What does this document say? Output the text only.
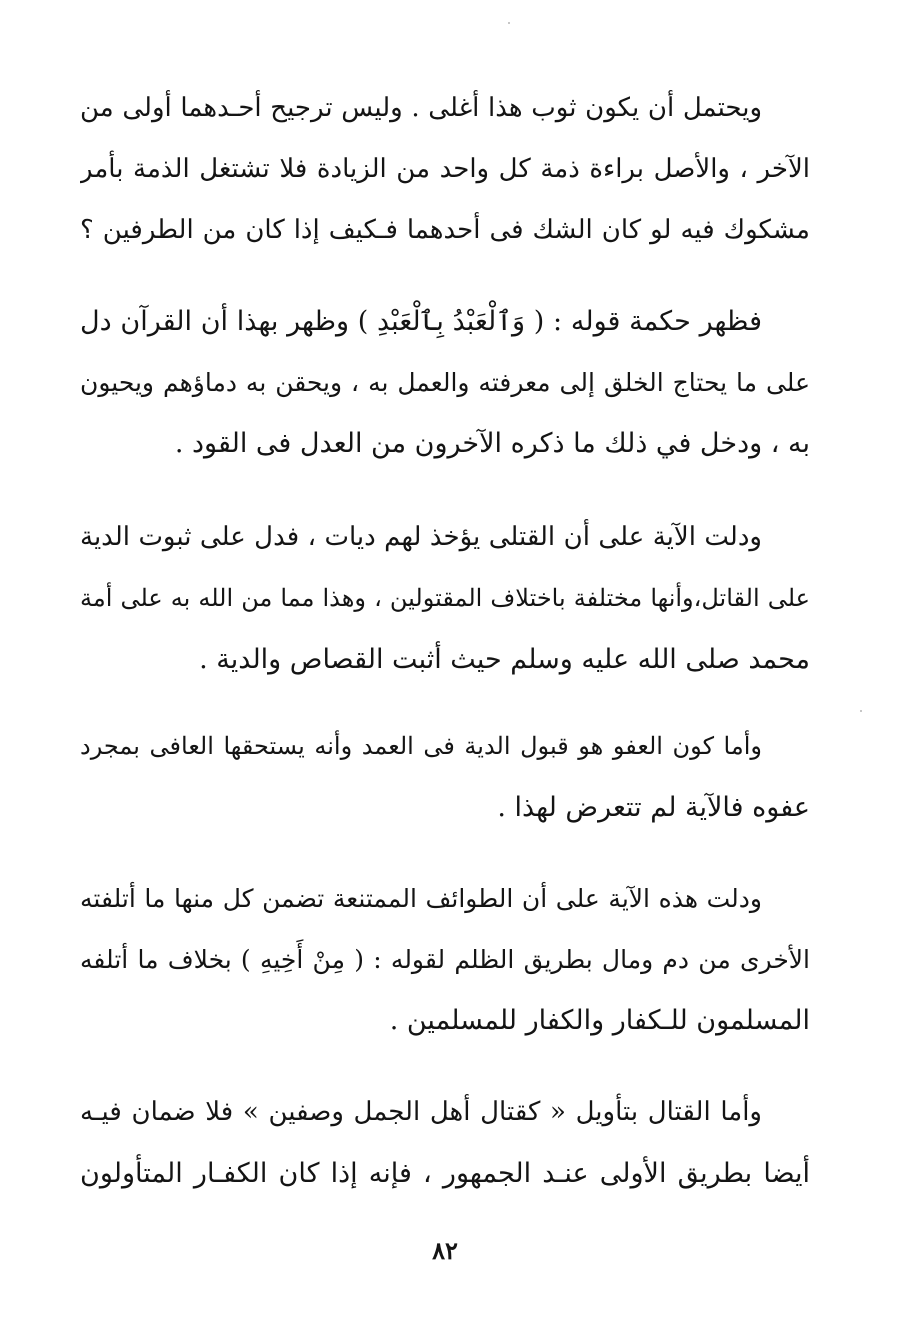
ويحتمل أن يكون ثوب هذا أغلى . وليس ترجيح أحـدهما أولى من
الآخر ، والأصل براءة ذمة كل واحد من الزيادة فلا تشتغل الذمة بأمر
مشكوك فيه لو كان الشك فى أحدهما فـكيف إذا كان من الطرفين ؟
فظهر حكمة قوله : ( وَٱلْعَبْدُ بِٱلْعَبْدِ ) وظهر بهذا أن القرآن دل
على ما يحتاج الخلق إلى معرفته والعمل به ، ويحقن به دماؤهم ويحيون
به ، ودخل في ذلك ما ذكره الآخرون من العدل فى القود .
ودلت الآية على أن القتلى يؤخذ لهم ديات ، فدل على ثبوت الدية
على القاتل،وأنها مختلفة باختلاف المقتولين ، وهذا مما من الله به على أمة
محمد صلى الله عليه وسلم حيث أثبت القصاص والدية .
وأما كون العفو هو قبول الدية فى العمد وأنه يستحقها العافى بمجرد
عفوه فالآية لم تتعرض لهذا .
ودلت هذه الآية على أن الطوائف الممتنعة تضمن كل منها ما أتلفته
الأخرى من دم ومال بطريق الظلم لقوله : ( مِنْ أَخِيهِ ) بخلاف ما أتلفه
المسلمون للـكفار والكفار للمسلمين .
وأما القتال بتأويل « كقتال أهل الجمل وصفين » فلا ضمان فيـه
أيضا بطريق الأولى عنـد الجمهور ، فإنه إذا كان الكفـار المتأولون
٨٢
